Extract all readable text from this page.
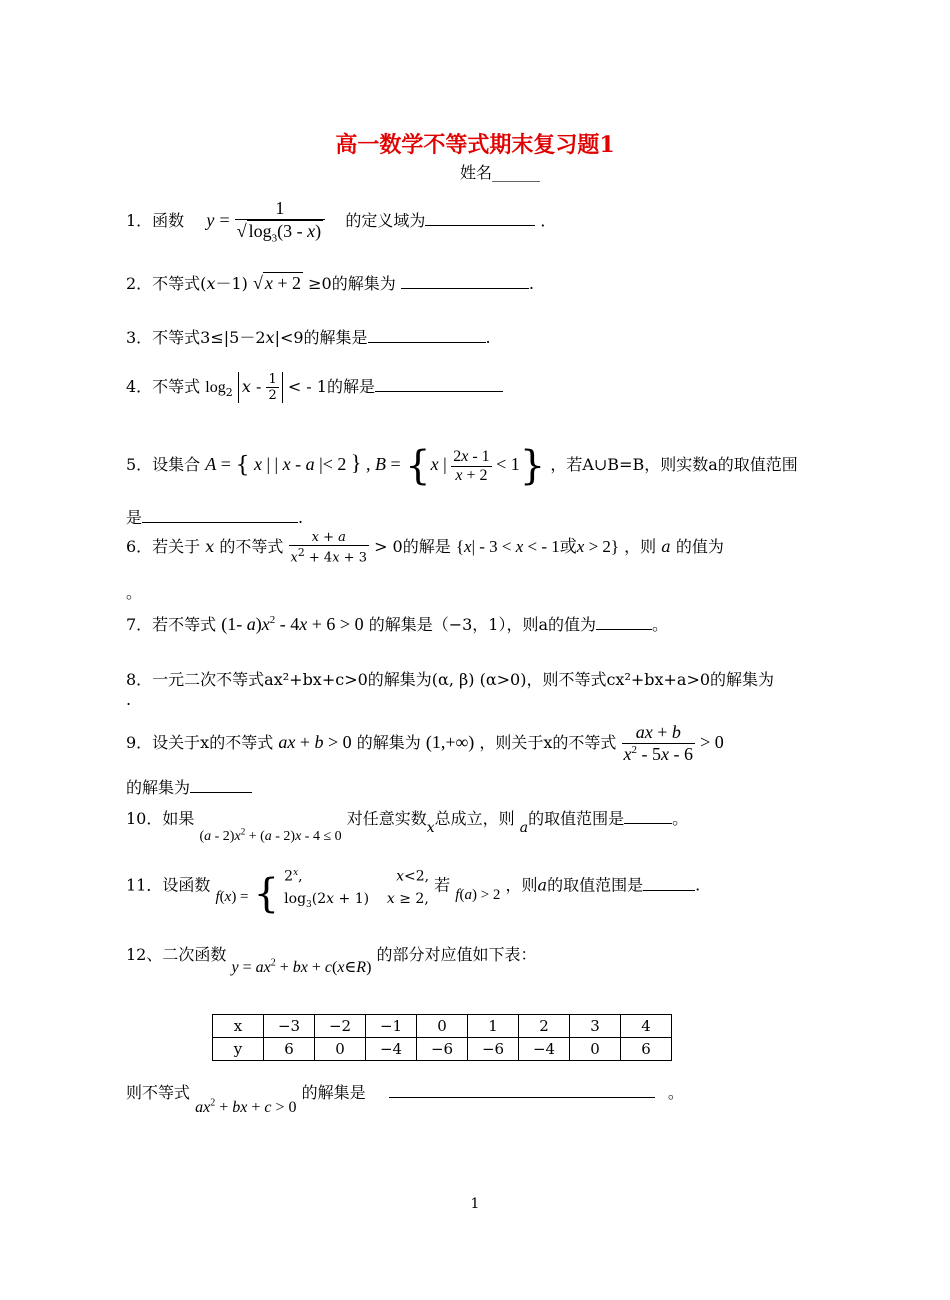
高一数学不等式期末复习题1
姓名______
1．函数 $y = \frac{1}{√ \log_3(3 - x)}$ 的定义域为	．
2．不等式(x－1) √ x + 2 ≥0的解集为	.
3．不等式3≤|5－2x|<9的解集是	.
4．不等式 $\log_2 x - \frac{1}{2}$ < - 1的解是
5．设集合 A = { x | | x - a |< 2 } , B = {x | $\frac{2x - 1}{x + 2} < 1$} ，若A∪B=B，则实数a的取值范围
是	.
6．若关于 x 的不等式 $\frac{x + a}{x^2 + 4x + 3} > 0$的解是 {x| - 3 < x < - 1或x > 2} ，则 a 的值为
。
7．若不等式 (1- $a)x^2 - 4x + 6 > 0$ 的解集是（−3，1），则a的值为	。
8．一元二次不等式ax²+bx+c>0的解集为(α, β) (α>0)，则不等式cx²+bx+a>0的解集为
.
9．设关于x的不等式 ax + b > 0 的解集为 (1,+∞) ，则关于x的不等式 $\frac{ax + b}{x^2 - 5x - 6} > 0$
的解集为
10．如果 $(a - 2)x^2 + (a - 2)x - 4 \le 0$ 对任意实数x总成立，则 a的取值范围是	。
11．设函数 f(x) = { 2$^x$,                     x<2,
$\log_3(2x + 1)$    x ≥ 2,
若 f(a) > 2 ，则a的取值范围是	.
12、二次函数 $y = ax^2$ + bx + c(x∈R) 的部分对应值如下表：
x	−3	−2	−1	0	1	2	3	4
y	6	0	−4	−6	−6	−4	0	6
则不等式 $ax^2$ + bx + c > 0 的解集是	。
1
